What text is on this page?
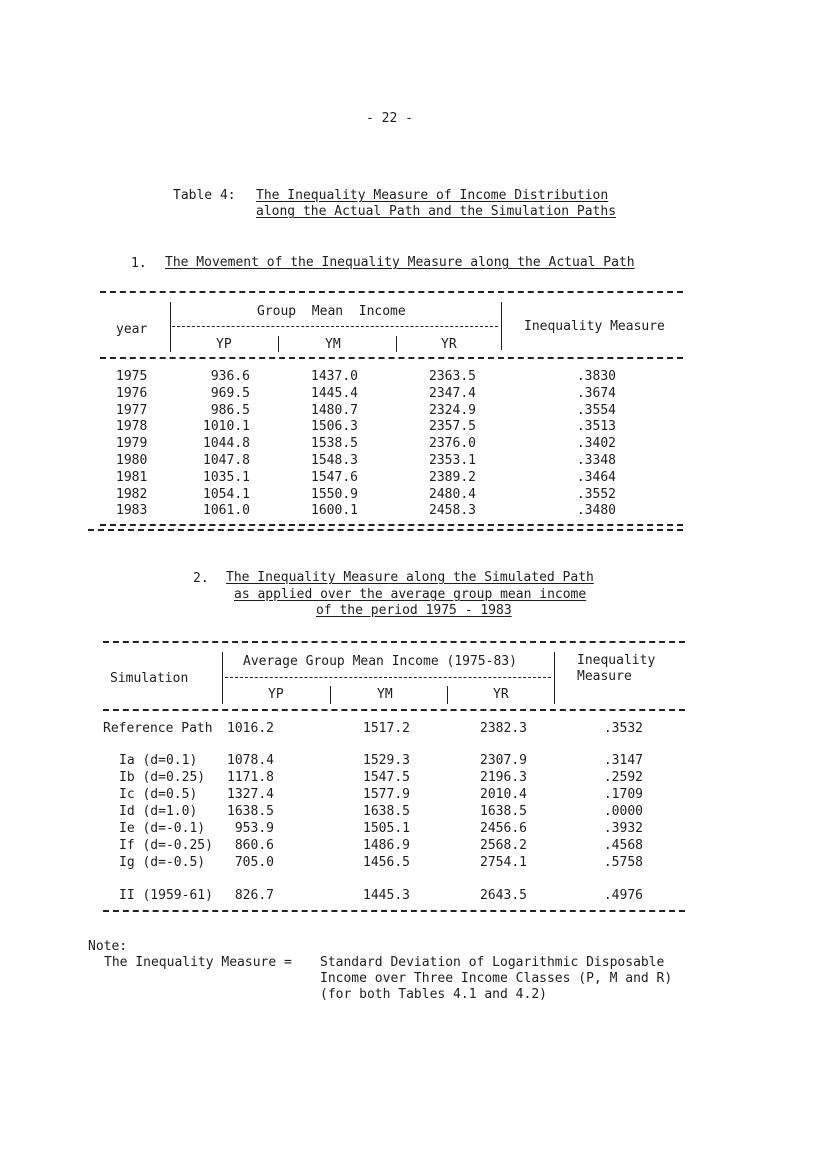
- 22 -
Table 4: The Inequality Measure of Income Distribution
along the Actual Path and the Simulation Paths
1. The Movement of the Inequality Measure along the Actual Path
Group  Mean  Income
year	Inequality Measure
YP	YM	YR
1975	936.6	1437.0	2363.5	.3830
1976	969.5	1445.4	2347.4	.3674
1977	986.5	1480.7	2324.9	.3554
1978	1010.1	1506.3	2357.5	.3513
1979	1044.8	1538.5	2376.0	.3402
1980	1047.8	1548.3	2353.1	.3348
1981	1035.1	1547.6	2389.2	.3464
1982	1054.1	1550.9	2480.4	.3552
1983	1061.0	1600.1	2458.3	.3480
2. The Inequality Measure along the Simulated Path
as applied over the average group mean income
of the period 1975 - 1983
Average Group Mean Income (1975-83)	Inequality
Measure
Simulation
YP	YM	YR
Reference Path	1016.2	1517.2	2382.3	.3532
Ia (d=0.1)	1078.4	1529.3	2307.9	.3147
Ib (d=0.25)	1171.8	1547.5	2196.3	.2592
Ic (d=0.5)	1327.4	1577.9	2010.4	.1709
Id (d=1.0)	1638.5	1638.5	1638.5	.0000
Ie (d=-0.1)	953.9	1505.1	2456.6	.3932
If (d=-0.25)	860.6	1486.9	2568.2	.4568
Ig (d=-0.5)	705.0	1456.5	2754.1	.5758
II (1959-61)	826.7	1445.3	2643.5	.4976
Note:
The Inequality Measure = Standard Deviation of Logarithmic Disposable
Income over Three Income Classes (P, M and R)
(for both Tables 4.1 and 4.2)
